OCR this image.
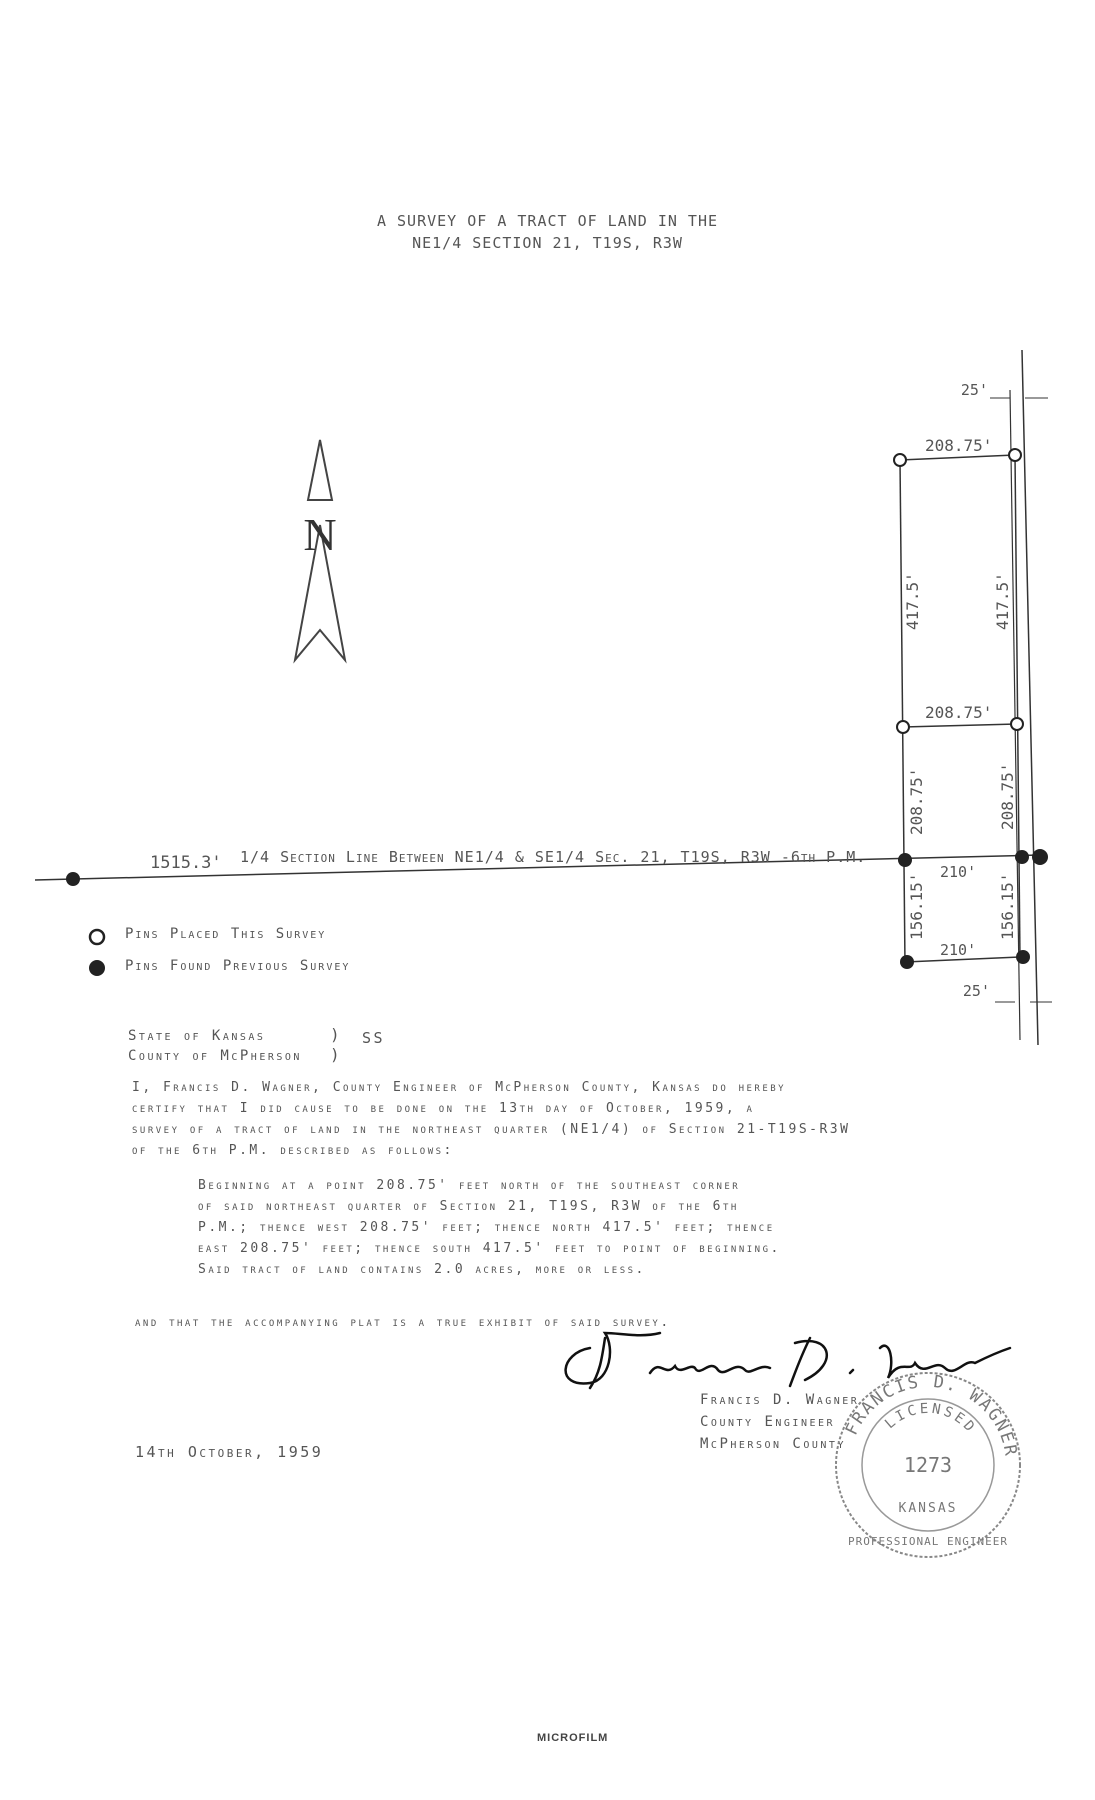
A SURVEY OF A TRACT OF LAND IN THE
NE1/4 SECTION 21, T19S, R3W
N
25'
25'
208.75'
208.75'
417.5'	417.5'
208.75'	208.75'
156.15'	156.15'
210'
210'
1515.3' 1/4 Section Line Between NE1/4 & SE1/4 Sec. 21, T19S, R3W -6th P.M.
Pins Placed This Survey
Pins Found Previous Survey
State of Kansas
County of McPherson
)
)
SS
I, Francis D. Wagner, County Engineer of McPherson County, Kansas do hereby
certify that I did cause to be done on the 13th day of October, 1959, a
survey of a tract of land in the northeast quarter (NE1/4) of Section 21-T19S-R3W
of the 6th P.M. described as follows:
Beginning at a point 208.75' feet north of the southeast corner
of said northeast quarter of Section 21, T19S, R3W of the 6th
P.M.; thence west 208.75' feet; thence north 417.5' feet; thence
east 208.75' feet; thence south 417.5' feet to point of beginning.
Said tract of land contains 2.0 acres, more or less.
and that the accompanying plat is a true exhibit of said survey.
Francis D. Wagner
County Engineer
McPherson County
FRANCIS D. WAGNER
LICENSED
1273
KANSAS
PROFESSIONAL ENGINEER
14th October, 1959
MICROFILM
